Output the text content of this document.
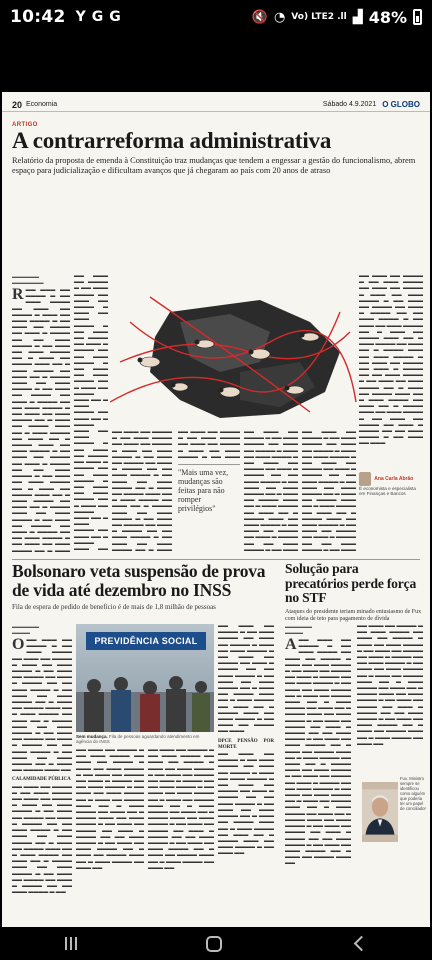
10:42 Y G G	🔇 ◔ Vo) LTE2 .ll ▟ 48%
20 Economia	Sábado 4.9.2021 O GLOBO
ARTIGO
A contrarreforma administrativa

Relatório da proposta de emenda à Constituição traz mudanças que tendem a engessar a gestão do funcionalismo, abrem espaço para judicialização e dificultam avanços que já chegaram ao país com 20 anos de atraso

▬▬▬▬▬▬
▬▬▬▬▬▬▬
R ▬▬ ▬▬▬ ▬▬ ▬▬▬▬ ▬ ▬▬ ▬▬▬ ▬▬▬▬ ▬▬ ▬▬▬ ▬▬ ▬▬▬▬ ▬ ▬▬▬ ▬▬ ▬▬▬ ▬▬▬▬ ▬ ▬▬ ▬▬▬ ▬▬ ▬▬▬▬ ▬▬ ▬▬▬ ▬ ▬▬▬▬ ▬▬ ▬▬ ▬▬▬ ▬▬▬▬ ▬ ▬▬ ▬▬▬ ▬▬ ▬▬▬ ▬▬▬▬ ▬▬ ▬ ▬▬▬ ▬▬ ▬▬▬▬ ▬▬▬ ▬▬ ▬ ▬▬▬ ▬▬▬▬ ▬▬ ▬▬▬ ▬▬ ▬ ▬▬▬▬ ▬▬▬ ▬▬ ▬▬▬ ▬▬▬▬ ▬ ▬▬ ▬▬▬ ▬▬ ▬▬▬▬ ▬▬ ▬▬▬ ▬ ▬▬▬▬ ▬▬ ▬▬ ▬▬▬ ▬▬▬▬ ▬ ▬▬ ▬▬▬ ▬▬ ▬▬▬ ▬▬▬▬ ▬▬ ▬ ▬▬▬ ▬▬ ▬▬▬▬ ▬▬▬ ▬▬ ▬ ▬▬▬ ▬▬▬▬ ▬▬ ▬▬▬ ▬▬ ▬ ▬▬▬▬ ▬▬▬ ▬▬ ▬▬▬ ▬▬▬▬ ▬ ▬▬ ▬▬▬ ▬▬ ▬▬▬▬ ▬▬ ▬▬▬ ▬ ▬▬▬▬ ▬▬ ▬▬ ▬▬▬ ▬▬▬▬ ▬ ▬▬ ▬▬▬ ▬▬ ▬▬▬ ▬▬▬▬ ▬▬ ▬ ▬▬▬ ▬▬ ▬▬▬▬ ▬▬▬ ▬▬ ▬ ▬▬▬ ▬▬▬▬ ▬▬ ▬▬▬ ▬▬ ▬ ▬▬▬▬ ▬▬▬ ▬▬ ▬▬▬ ▬▬▬▬ ▬ ▬▬ ▬▬▬ ▬▬ ▬▬▬▬ ▬▬ ▬▬▬ ▬ ▬▬▬▬ ▬▬ ▬▬ ▬▬▬ ▬▬▬▬ ▬ ▬▬ ▬▬▬ ▬▬ ▬▬▬ ▬▬▬▬ ▬▬ ▬ ▬▬▬
▬▬ ▬▬▬ ▬▬ ▬▬▬▬ ▬ ▬▬ ▬▬▬ ▬▬▬▬ ▬▬ ▬▬▬ ▬▬ ▬▬▬▬ ▬ ▬▬▬ ▬▬ ▬▬▬ ▬▬▬▬ ▬ ▬▬ ▬▬▬ ▬▬ ▬▬▬▬ ▬▬ ▬▬▬ ▬ ▬▬▬▬ ▬▬ ▬▬ ▬▬▬ ▬▬▬▬ ▬ ▬▬ ▬▬▬ ▬▬ ▬▬▬ ▬▬▬▬ ▬▬ ▬ ▬▬▬ ▬▬ ▬▬▬▬ ▬▬▬ ▬▬ ▬ ▬▬▬ ▬▬▬▬ ▬▬ ▬▬▬ ▬▬ ▬ ▬▬▬▬ ▬▬▬ ▬▬ ▬▬▬ ▬▬▬▬ ▬ ▬▬ ▬▬▬ ▬▬ ▬▬▬▬ ▬▬ ▬▬▬ ▬ ▬▬▬▬ ▬▬ ▬▬ ▬▬▬ ▬▬▬▬ ▬ ▬▬ ▬▬▬ ▬▬ ▬▬▬ ▬▬▬▬ ▬▬ ▬ ▬▬▬ ▬▬ ▬▬▬▬ ▬▬▬ ▬▬ ▬ ▬▬▬ ▬▬▬▬ ▬▬ ▬▬▬ ▬▬ ▬ ▬▬▬▬ ▬▬▬ ▬▬
▬▬ ▬▬▬ ▬▬ ▬▬▬▬ ▬ ▬▬ ▬▬▬ ▬▬▬▬ ▬▬ ▬▬▬ ▬▬ ▬▬▬▬ ▬ ▬▬▬ ▬▬ ▬▬▬ ▬▬▬▬ ▬ ▬▬ ▬▬▬ ▬▬ ▬▬▬▬ ▬▬ ▬▬▬ ▬ ▬▬▬▬ ▬▬ ▬▬ ▬▬▬ ▬▬▬▬ ▬ ▬▬ ▬▬▬ ▬▬ ▬▬▬ ▬▬▬▬ ▬▬ ▬ ▬▬▬ ▬▬ ▬▬▬▬ ▬▬▬ ▬▬ ▬ ▬▬▬ ▬▬▬▬ ▬▬ ▬▬▬ ▬▬ ▬ ▬▬▬▬ ▬▬▬ ▬▬ ▬▬▬ ▬▬▬▬ ▬ ▬▬ ▬▬▬ ▬▬ ▬▬▬▬ ▬▬ ▬▬▬ ▬ ▬▬▬▬ ▬▬ ▬▬ ▬▬▬ ▬▬▬▬ ▬ ▬▬ ▬▬▬ ▬▬ ▬▬▬ ▬▬▬▬ ▬▬ ▬ ▬▬▬
▬▬ ▬▬▬ ▬▬ ▬▬▬▬ ▬ ▬▬ ▬▬▬ ▬▬▬▬ ▬▬ ▬▬▬ ▬▬ ▬▬▬▬ ▬ ▬▬▬ ▬▬ ▬▬▬ ▬▬▬▬ ▬ ▬▬ ▬▬▬
▬▬ ▬▬▬ ▬▬ ▬▬▬▬ ▬ ▬▬ ▬▬▬ ▬▬▬▬ ▬▬ ▬▬▬ ▬▬ ▬▬▬▬ ▬ ▬▬▬ ▬▬ ▬▬▬ ▬▬▬▬ ▬ ▬▬ ▬▬▬ ▬▬ ▬▬▬▬ ▬▬ ▬▬▬ ▬ ▬▬▬▬ ▬▬ ▬▬ ▬▬▬ ▬▬▬▬ ▬ ▬▬ ▬▬▬ ▬▬ ▬▬▬ ▬▬▬▬ ▬▬ ▬ ▬▬▬ ▬▬ ▬▬▬▬ ▬▬▬ ▬▬ ▬ ▬▬▬ ▬▬▬▬ ▬▬ ▬▬▬ ▬▬ ▬ ▬▬▬▬ ▬▬▬ ▬▬ ▬▬▬ ▬▬▬▬ ▬ ▬▬ ▬▬▬ ▬▬ ▬▬▬▬ ▬▬ ▬▬▬ ▬ ▬▬▬▬ ▬▬ ▬▬ ▬▬▬ ▬▬▬▬ ▬ ▬▬ ▬▬▬
▬▬ ▬▬▬ ▬▬ ▬▬▬▬ ▬ ▬▬ ▬▬▬ ▬▬▬▬ ▬▬ ▬▬▬ ▬▬ ▬▬▬▬ ▬ ▬▬▬ ▬▬ ▬▬▬ ▬▬▬▬ ▬ ▬▬ ▬▬▬ ▬▬ ▬▬▬▬ ▬▬ ▬▬▬ ▬ ▬▬▬▬ ▬▬ ▬▬ ▬▬▬ ▬▬▬▬ ▬ ▬▬ ▬▬▬ ▬▬ ▬▬▬ ▬▬▬▬ ▬▬ ▬ ▬▬▬ ▬▬ ▬▬▬▬ ▬▬▬ ▬▬ ▬ ▬▬▬ ▬▬▬▬ ▬▬ ▬▬▬ ▬▬ ▬ ▬▬▬▬ ▬▬▬ ▬▬ ▬▬▬ ▬▬▬▬ ▬ ▬▬ ▬▬▬ ▬▬ ▬▬▬▬ ▬▬ ▬▬▬ ▬ ▬▬▬▬ ▬▬ ▬▬ ▬▬▬ ▬▬▬▬ ▬ ▬▬ ▬▬▬
▬▬ ▬▬▬ ▬▬ ▬▬▬▬ ▬ ▬▬ ▬▬▬ ▬▬▬▬ ▬▬ ▬▬▬ ▬▬ ▬▬▬▬ ▬ ▬▬▬ ▬▬ ▬▬▬ ▬▬▬▬ ▬ ▬▬ ▬▬▬ ▬▬ ▬▬▬▬ ▬▬ ▬▬▬ ▬ ▬▬▬▬ ▬▬ ▬▬ ▬▬▬ ▬▬▬▬ ▬ ▬▬ ▬▬▬ ▬▬ ▬▬▬ ▬▬▬▬ ▬▬ ▬ ▬▬▬ ▬▬ ▬▬▬▬ ▬▬▬ ▬▬ ▬ ▬▬▬ ▬▬▬▬ ▬▬ ▬▬▬ ▬▬ ▬ ▬▬▬▬ ▬▬▬ ▬▬ ▬▬▬ ▬▬▬▬ ▬ ▬▬ ▬▬▬ ▬▬ ▬▬▬▬ ▬▬ ▬▬▬ ▬ ▬▬▬▬ ▬▬ ▬▬ ▬▬▬ ▬▬▬▬ ▬ ▬▬ ▬▬▬ ▬▬ ▬▬▬ ▬▬▬▬ ▬▬ ▬ ▬▬▬ ▬▬ ▬▬▬▬ ▬▬▬ ▬▬ ▬ ▬▬▬ ▬▬▬▬ ▬▬ ▬▬▬ ▬▬ ▬ ▬▬▬▬ ▬▬▬ ▬▬ ▬▬▬ ▬▬▬▬ ▬ ▬▬ ▬▬▬ ▬▬ ▬▬▬▬ ▬▬ ▬▬▬ ▬ ▬▬▬▬ ▬▬ ▬▬ ▬▬▬ ▬▬▬▬ ▬ ▬▬ ▬▬▬ ▬▬ ▬▬▬
"Mais uma vez, mudanças são feitas para não romper privilégios"
Ana Carla Abrão
É economista e especialista em Finanças e Bancos
Bolsonaro veta suspensão de prova de vida até dezembro no INSS

Fila de espera de pedido de benefício é de mais de 1,8 milhão de pessoas

▬▬▬▬▬▬
▬▬▬▬
O ▬▬ ▬▬▬ ▬▬ ▬▬▬▬ ▬ ▬▬ ▬▬▬ ▬▬▬▬ ▬▬ ▬▬▬ ▬▬ ▬▬▬▬ ▬ ▬▬▬ ▬▬ ▬▬▬ ▬▬▬▬ ▬ ▬▬ ▬▬▬ ▬▬ ▬▬▬▬ ▬▬ ▬▬▬ ▬ ▬▬▬▬ ▬▬ ▬▬ ▬▬▬ ▬▬▬▬ ▬ ▬▬ ▬▬▬ ▬▬ ▬▬▬ ▬▬▬▬ ▬▬ ▬ ▬▬▬ ▬▬ ▬▬▬▬ ▬▬▬ ▬▬ ▬ ▬▬▬ ▬▬▬▬ ▬▬ ▬▬▬ ▬▬ ▬ ▬▬▬▬ ▬▬▬ ▬▬ ▬▬▬ ▬▬▬▬ ▬ ▬▬ ▬▬▬ ▬▬ ▬▬▬▬ ▬▬ ▬▬▬ ▬ ▬▬▬▬ ▬▬ ▬▬ ▬▬▬ ▬▬▬▬ ▬ ▬▬ ▬▬▬ ▬▬ ▬▬▬ ▬▬▬▬ ▬▬ ▬ ▬▬▬ ▬▬ ▬▬▬▬ ▬▬▬ ▬▬
CALAMIDADE PÚBLICA
▬▬ ▬▬▬ ▬▬ ▬▬▬▬ ▬ ▬▬ ▬▬▬ ▬▬▬▬ ▬▬ ▬▬▬ ▬▬ ▬▬▬▬ ▬ ▬▬▬ ▬▬ ▬▬▬ ▬▬▬▬ ▬ ▬▬ ▬▬▬ ▬▬ ▬▬▬▬ ▬▬ ▬▬▬ ▬ ▬▬▬▬ ▬▬ ▬▬ ▬▬▬ ▬▬▬▬ ▬ ▬▬ ▬▬▬ ▬▬ ▬▬▬ ▬▬▬▬ ▬▬ ▬ ▬▬▬ ▬▬ ▬▬▬▬ ▬▬▬ ▬▬ ▬ ▬▬▬ ▬▬▬▬ ▬▬ ▬▬▬ ▬▬ ▬ ▬▬▬▬ ▬▬▬ ▬▬ ▬▬▬ ▬▬▬▬ ▬ ▬▬ ▬▬▬ ▬▬ ▬▬▬▬ ▬▬ ▬▬▬ ▬ ▬▬▬▬ ▬▬ ▬▬ ▬▬▬ ▬▬▬▬ ▬ ▬▬
PREVIDÊNCIA SOCIAL
Sem mudança. Fila de pessoas aguardando atendimento em agência do INSS
▬▬ ▬▬▬ ▬▬ ▬▬▬▬ ▬ ▬▬ ▬▬▬ ▬▬▬▬ ▬▬ ▬▬▬ ▬▬ ▬▬▬▬ ▬ ▬▬▬ ▬▬ ▬▬▬ ▬▬▬▬ ▬ ▬▬ ▬▬▬ ▬▬ ▬▬▬▬ ▬▬ ▬▬▬ ▬ ▬▬▬▬ ▬▬ ▬▬ ▬▬▬ ▬▬▬▬ ▬ ▬▬ ▬▬▬ ▬▬ ▬▬▬ ▬▬▬▬ ▬▬ ▬ ▬▬▬ ▬▬ ▬▬▬▬ ▬▬▬ ▬▬ ▬ ▬▬▬ ▬▬▬▬ ▬▬ ▬▬▬ ▬▬ ▬ ▬▬▬▬ ▬▬▬ ▬▬ ▬▬▬ ▬▬▬▬ ▬ ▬▬ ▬▬▬ ▬▬ ▬▬▬▬ ▬▬ ▬▬▬ ▬ ▬▬▬▬ ▬▬ ▬▬ ▬▬▬ ▬▬▬▬ ▬ ▬▬ ▬▬▬ ▬▬ ▬▬▬ ▬▬▬▬ ▬▬ ▬ ▬▬▬ ▬▬ ▬▬▬▬ ▬▬▬ ▬▬ ▬ ▬▬▬ ▬▬▬▬ ▬▬ ▬▬▬ ▬▬
▬▬ ▬▬▬ ▬▬ ▬▬▬▬ ▬ ▬▬ ▬▬▬ ▬▬▬▬ ▬▬ ▬▬▬ ▬▬ ▬▬▬▬ ▬ ▬▬▬ ▬▬ ▬▬▬ ▬▬▬▬ ▬ ▬▬ ▬▬▬ ▬▬ ▬▬▬▬ ▬▬ ▬▬▬ ▬ ▬▬▬▬ ▬▬ ▬▬ ▬▬▬ ▬▬▬▬ ▬ ▬▬ ▬▬▬ ▬▬ ▬▬▬ ▬▬▬▬ ▬▬ ▬ ▬▬▬ ▬▬ ▬▬▬▬ ▬▬▬ ▬▬ ▬ ▬▬▬ ▬▬▬▬ ▬▬ ▬▬▬ ▬▬ ▬ ▬▬▬▬ ▬▬▬ ▬▬ ▬▬▬ ▬▬▬▬ ▬ ▬▬ ▬▬▬ ▬▬ ▬▬▬▬ ▬▬ ▬▬▬ ▬ ▬▬▬▬ ▬▬ ▬▬ ▬▬▬ ▬▬▬▬ ▬ ▬▬ ▬▬▬ ▬▬ ▬▬▬ ▬▬▬▬ ▬▬ ▬ ▬▬▬ ▬▬ ▬▬▬▬ ▬▬▬ ▬▬ ▬ ▬▬▬ ▬▬▬▬ ▬▬ ▬▬▬ ▬▬
▬▬ ▬▬▬ ▬▬ ▬▬▬▬ ▬ ▬▬ ▬▬▬ ▬▬▬▬ ▬▬ ▬▬▬ ▬▬ ▬▬▬▬ ▬ ▬▬▬ ▬▬ ▬▬▬ ▬▬▬▬ ▬ ▬▬ ▬▬▬ ▬▬ ▬▬▬▬ ▬▬ ▬▬▬ ▬ ▬▬▬▬ ▬▬ ▬▬ ▬▬▬ ▬▬▬▬ ▬ ▬▬ ▬▬▬ ▬▬ ▬▬▬ ▬▬▬▬ ▬▬ ▬ ▬▬▬ ▬▬ ▬▬▬▬ ▬▬▬ ▬▬ ▬ ▬▬▬ ▬▬▬▬ ▬▬ ▬▬▬ ▬▬ ▬ ▬▬▬▬ ▬▬▬ ▬▬ ▬▬▬ ▬▬▬▬ ▬ ▬▬ ▬▬▬ ▬▬ ▬▬▬▬ ▬▬ ▬▬▬
DPCE PENSÃO POR MORTE
▬▬ ▬▬▬ ▬▬ ▬▬▬▬ ▬ ▬▬ ▬▬▬ ▬▬▬▬ ▬▬ ▬▬▬ ▬▬ ▬▬▬▬ ▬ ▬▬▬ ▬▬ ▬▬▬ ▬▬▬▬ ▬ ▬▬ ▬▬▬ ▬▬ ▬▬▬▬ ▬▬ ▬▬▬ ▬ ▬▬▬▬ ▬▬ ▬▬ ▬▬▬ ▬▬▬▬ ▬ ▬▬ ▬▬▬ ▬▬ ▬▬▬ ▬▬▬▬ ▬▬ ▬ ▬▬▬ ▬▬ ▬▬▬▬ ▬▬▬ ▬▬ ▬ ▬▬▬ ▬▬▬▬ ▬▬ ▬▬▬ ▬▬ ▬ ▬▬▬▬ ▬▬▬ ▬▬ ▬▬▬ ▬▬▬▬ ▬ ▬▬ ▬▬▬ ▬▬
Solução para precatórios perde força no STF

Ataques do presidente teriam minado entusiasmo de Fux com ideia de teto para pagamento de dívida

▬▬▬▬▬▬
▬▬▬▬
A ▬▬ ▬▬▬ ▬▬ ▬▬▬▬ ▬ ▬▬ ▬▬▬ ▬▬▬▬ ▬▬ ▬▬▬ ▬▬ ▬▬▬▬ ▬ ▬▬▬ ▬▬ ▬▬▬ ▬▬▬▬ ▬ ▬▬ ▬▬▬ ▬▬ ▬▬▬▬ ▬▬ ▬▬▬ ▬ ▬▬▬▬ ▬▬ ▬▬ ▬▬▬ ▬▬▬▬ ▬ ▬▬ ▬▬▬ ▬▬ ▬▬▬ ▬▬▬▬ ▬▬ ▬ ▬▬▬ ▬▬ ▬▬▬▬ ▬▬▬ ▬▬ ▬ ▬▬▬ ▬▬▬▬ ▬▬ ▬▬▬ ▬▬ ▬ ▬▬▬▬ ▬▬▬ ▬▬ ▬▬▬ ▬▬▬▬ ▬ ▬▬ ▬▬▬ ▬▬ ▬▬▬▬ ▬▬ ▬▬▬ ▬ ▬▬▬▬ ▬▬ ▬▬ ▬▬▬ ▬▬▬▬ ▬ ▬▬ ▬▬▬ ▬▬ ▬▬▬ ▬▬▬▬ ▬▬ ▬ ▬▬▬ ▬▬ ▬▬▬▬ ▬▬▬ ▬▬ ▬ ▬▬▬ ▬▬▬▬ ▬▬ ▬▬▬ ▬▬ ▬ ▬▬▬▬ ▬▬▬ ▬▬ ▬▬▬ ▬▬▬▬ ▬ ▬▬ ▬▬▬ ▬▬ ▬▬▬▬ ▬▬ ▬▬▬ ▬ ▬▬▬▬ ▬▬ ▬▬ ▬▬▬ ▬▬▬▬ ▬ ▬▬ ▬▬▬ ▬▬ ▬▬▬ ▬▬▬▬ ▬▬ ▬ ▬▬▬ ▬▬ ▬▬▬▬ ▬▬▬ ▬▬ ▬ ▬▬▬ ▬▬▬▬ ▬▬ ▬▬▬ ▬▬ ▬ ▬▬▬▬ ▬▬▬ ▬▬ ▬▬▬ ▬▬▬▬ ▬ ▬▬ ▬▬▬ ▬▬ ▬▬▬▬ ▬▬ ▬▬▬ ▬ ▬▬▬▬ ▬▬ ▬▬ ▬▬▬ ▬▬▬▬ ▬ ▬▬ ▬▬▬ ▬▬ ▬▬▬ ▬▬▬▬ ▬▬ ▬ ▬▬▬ ▬▬ ▬▬▬▬ ▬▬▬ ▬▬
▬▬ ▬▬▬ ▬▬ ▬▬▬▬ ▬ ▬▬ ▬▬▬ ▬▬▬▬ ▬▬ ▬▬▬ ▬▬ ▬▬▬▬ ▬ ▬▬▬ ▬▬ ▬▬▬ ▬▬▬▬ ▬ ▬▬ ▬▬▬ ▬▬ ▬▬▬▬ ▬▬ ▬▬▬ ▬ ▬▬▬▬ ▬▬ ▬▬ ▬▬▬ ▬▬▬▬ ▬ ▬▬ ▬▬▬ ▬▬ ▬▬▬ ▬▬▬▬ ▬▬ ▬ ▬▬▬ ▬▬ ▬▬▬▬ ▬▬▬ ▬▬ ▬ ▬▬▬ ▬▬▬▬ ▬▬ ▬▬▬ ▬▬ ▬ ▬▬▬▬ ▬▬▬ ▬▬ ▬▬▬ ▬▬▬▬ ▬ ▬▬ ▬▬▬ ▬▬ ▬▬▬▬ ▬▬ ▬▬▬ ▬ ▬▬▬▬ ▬▬ ▬▬ ▬▬▬ ▬▬▬▬ ▬ ▬▬ ▬▬▬ ▬▬ ▬▬▬ ▬▬▬▬ ▬▬ ▬ ▬▬▬ ▬▬ ▬▬▬▬ ▬▬▬ ▬▬ ▬ ▬▬▬ ▬▬▬▬ ▬▬ ▬▬▬ ▬▬
Fux. Ministro sempre se identificou como alguém que poderia ter um papel de conciliador
